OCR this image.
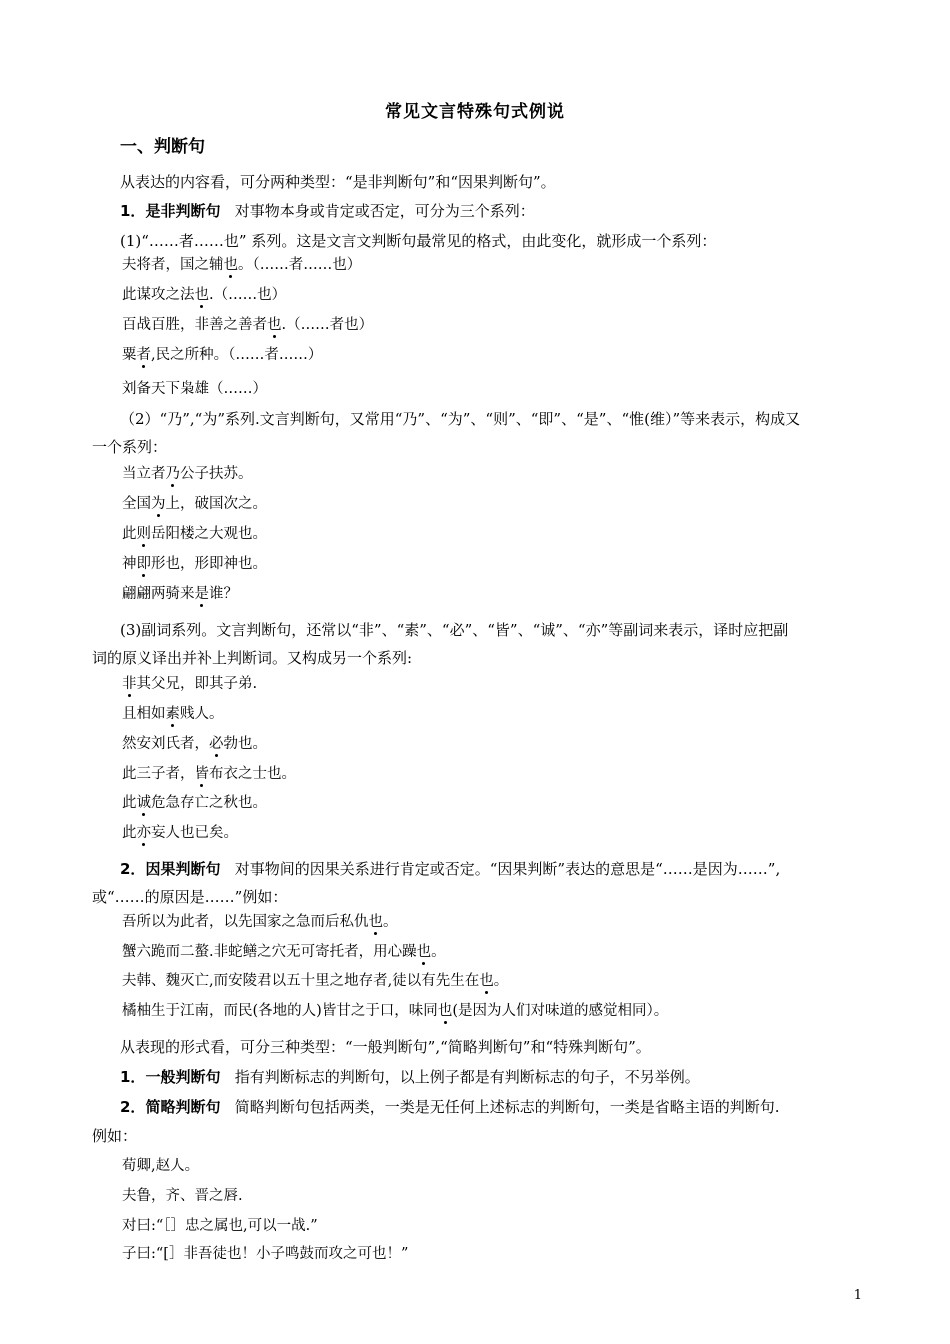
常见文言特殊句式例说
一、判断句
从表达的内容看，可分两种类型：“是非判断句”和“因果判断句”。
1．是非判断句 对事物本身或肯定或否定，可分为三个系列：
(1)“……者……也” 系列。这是文言文判断句最常见的格式，由此变化，就形成一个系列：
夫将者，国之辅也。（……者……也）
此谋攻之法也.（……也）
百战百胜，非善之善者也.（……者也）
粟者,民之所种。（……者……）
刘备天下枭雄（……）
（2）“乃”,“为”系列.文言判断句，又常用“乃”、“为”、“则”、“即”、“是”、“惟(维）”等来表示，构成又
一个系列：
当立者乃公子扶苏。
全国为上，破国次之。
此则岳阳楼之大观也。
神即形也，形即神也。
翩翩两骑来是谁？
(3)副词系列。文言判断句，还常以“非”、“素”、“必”、“皆”、“诚”、“亦”等副词来表示，译时应把副
词的原义译出并补上判断词。又构成另一个系列:
非其父兄，即其子弟.
且相如素贱人。
然安刘氏者，必勃也。
此三子者，皆布衣之士也。
此诚危急存亡之秋也。
此亦妄人也已矣。
2．因果判断句 对事物间的因果关系进行肯定或否定。“因果判断”表达的意思是“……是因为……”,
或“……的原因是……”例如：
吾所以为此者，以先国家之急而后私仇也。
蟹六跪而二螯.非蛇鳝之穴无可寄托者，用心躁也。
夫韩、魏灭亡,而安陵君以五十里之地存者,徒以有先生在也。
橘柚生于江南，而民(各地的人)皆甘之于口，味同也(是因为人们对味道的感觉相同）。
从表现的形式看，可分三种类型：“一般判断句”,“简略判断句”和“特殊判断句”。
1．一般判断句 指有判断标志的判断句，以上例子都是有判断标志的句子，不另举例。
2．简略判断句 简略判断句包括两类，一类是无任何上述标志的判断句，一类是省略主语的判断句.
例如：
荀卿,赵人。
夫鲁，齐、晋之唇.
对曰:“［］忠之属也,可以一战.”
子曰:“[］非吾徒也！小子鸣鼓而攻之可也！”
1
